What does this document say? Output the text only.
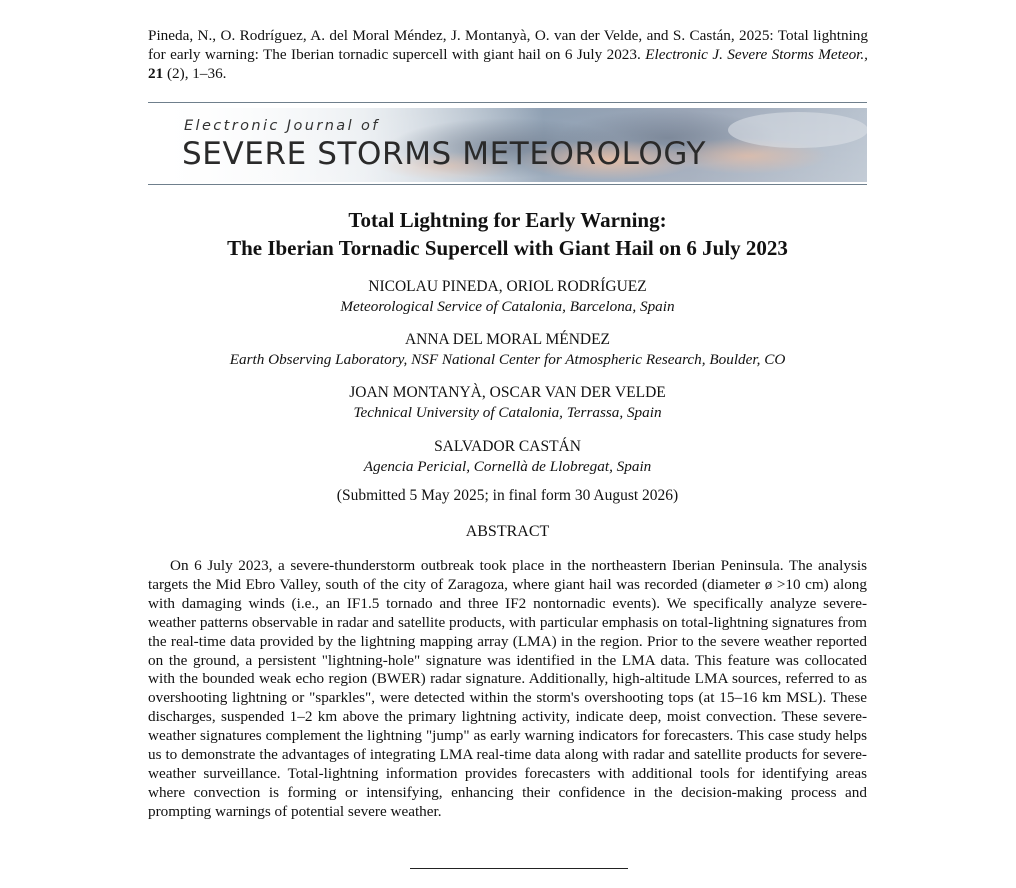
Pineda, N., O. Rodríguez, A. del Moral Méndez, J. Montanyà, O. van der Velde, and S. Castán, 2025: Total lightning for early warning: The Iberian tornadic supercell with giant hail on 6 July 2023. Electronic J. Severe Storms Meteor., 21 (2), 1–36.
Electronic Journal of
SEVERE STORMS METEOROLOGY
Total Lightning for Early Warning:
The Iberian Tornadic Supercell with Giant Hail on 6 July 2023
NICOLAU PINEDA, ORIOL RODRÍGUEZ
Meteorological Service of Catalonia, Barcelona, Spain
ANNA DEL MORAL MÉNDEZ
Earth Observing Laboratory, NSF National Center for Atmospheric Research, Boulder, CO
JOAN MONTANYÀ, OSCAR VAN DER VELDE
Technical University of Catalonia, Terrassa, Spain
SALVADOR CASTÁN
Agencia Pericial, Cornellà de Llobregat, Spain
(Submitted 5 May 2025; in final form 30 August 2026)
ABSTRACT
On 6 July 2023, a severe-thunderstorm outbreak took place in the northeastern Iberian Peninsula. The analysis targets the Mid Ebro Valley, south of the city of Zaragoza, where giant hail was recorded (diameter ø >10 cm) along with damaging winds (i.e., an IF1.5 tornado and three IF2 nontornadic events). We specifically analyze severe-weather patterns observable in radar and satellite products, with particular emphasis on total-lightning signatures from the real-time data provided by the lightning mapping array (LMA) in the region. Prior to the severe weather reported on the ground, a persistent "lightning-hole" signature was identified in the LMA data. This feature was collocated with the bounded weak echo region (BWER) radar signature. Additionally, high-altitude LMA sources, referred to as overshooting lightning or "sparkles", were detected within the storm's overshooting tops (at 15–16 km MSL). These discharges, suspended 1–2 km above the primary lightning activity, indicate deep, moist convection. These severe-weather signatures complement the lightning "jump" as early warning indicators for forecasters. This case study helps us to demonstrate the advantages of integrating LMA real-time data along with radar and satellite products for severe-weather surveillance. Total-lightning information provides forecasters with additional tools for identifying areas where convection is forming or intensifying, enhancing their confidence in the decision-making process and prompting warnings of potential severe weather.
